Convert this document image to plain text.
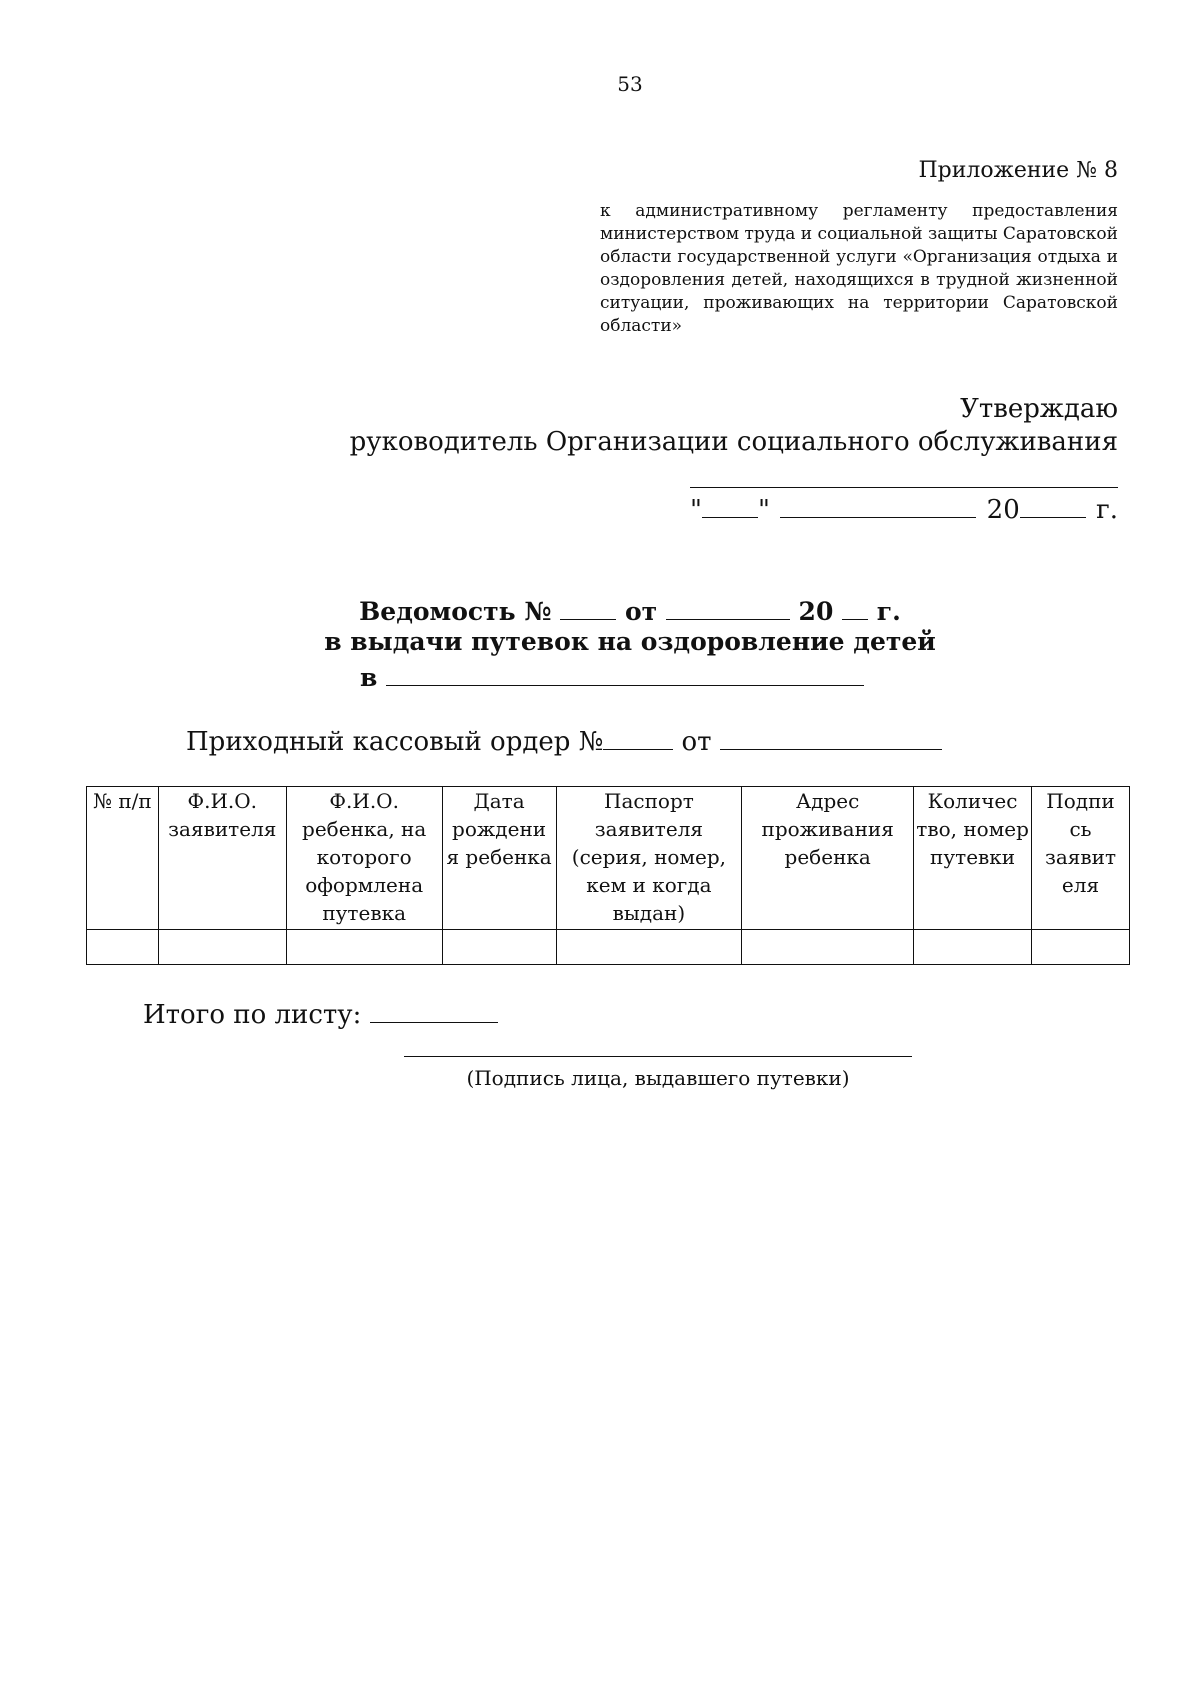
53
Приложение № 8
к административному регламенту предоставления министерством труда и социальной защиты Саратовской области государственной услуги «Организация отдыха и оздоровления детей, находящихся в трудной жизненной ситуации, проживающих на территории Саратовской области»
Утверждаю
руководитель Организации социального обслуживания
" "	20	г.
Ведомость №	от	20 г.
в выдачи путевок на оздоровление детей
в
Приходный кассовый ордер №	от
№ п/п	Ф.И.О. заявителя	Ф.И.О. ребенка, на которого оформлена путевка	Дата рождени я ребенка	Паспорт заявителя (серия, номер, кем и когда выдан)	Адрес проживания ребенка	Количес тво, номер путевки	Подпи сь заявит еля

Итого по листу:
(Подпись лица, выдавшего путевки)
